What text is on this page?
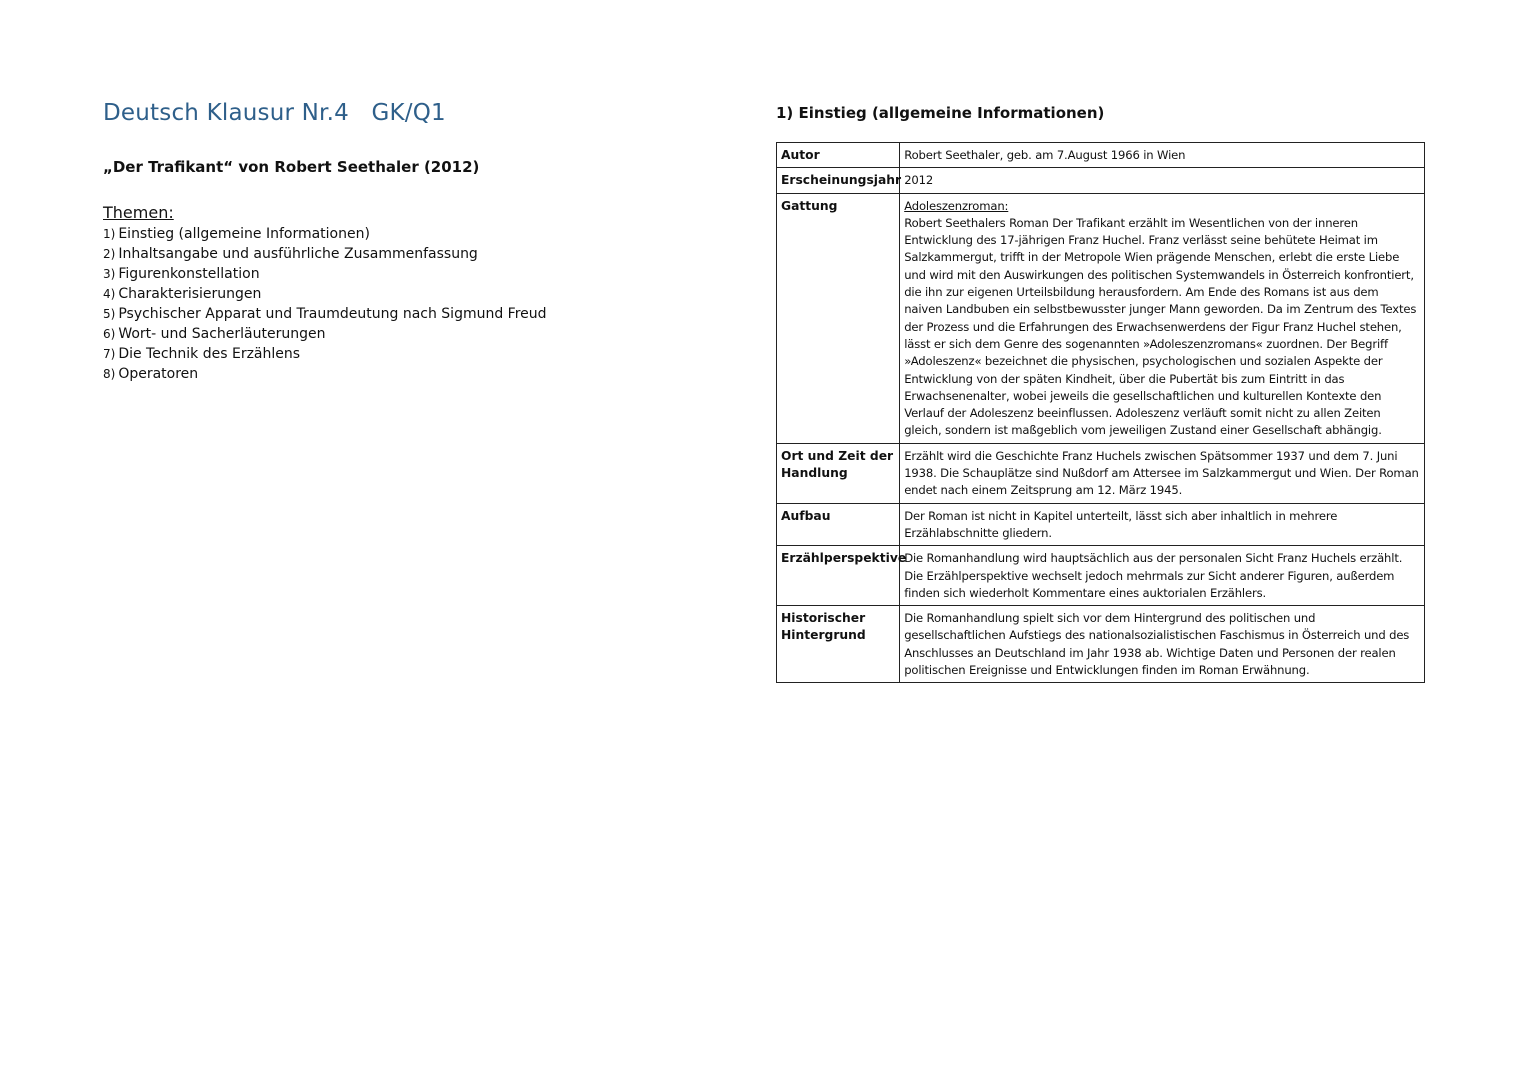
Deutsch Klausur Nr.4   GK/Q1
„Der Trafikant“ von Robert Seethaler (2012)
Themen:
1) Einstieg (allgemeine Informationen)
2) Inhaltsangabe und ausführliche Zusammenfassung
3) Figurenkonstellation
4) Charakterisierungen
5) Psychischer Apparat und Traumdeutung nach Sigmund Freud
6) Wort- und Sacherläuterungen
7) Die Technik des Erzählens
8) Operatoren
1) Einstieg (allgemeine Informationen)
Autor	Robert Seethaler, geb. am 7.August 1966 in Wien
Erscheinungsjahr	2012
Gattung	Adoleszenzroman:
Robert Seethalers Roman Der Trafikant erzählt im Wesentlichen von der inneren Entwicklung des 17-jährigen Franz Huchel. Franz verlässt seine behütete Heimat im Salzkammergut, trifft in der Metropole Wien prägende Menschen, erlebt die erste Liebe und wird mit den Auswirkungen des politischen Systemwandels in Österreich konfrontiert, die ihn zur eigenen Urteilsbildung herausfordern. Am Ende des Romans ist aus dem naiven Landbuben ein selbstbewusster junger Mann geworden. Da im Zentrum des Textes der Prozess und die Erfahrungen des Erwachsenwerdens der Figur Franz Huchel stehen, lässt er sich dem Genre des sogenannten »Adoleszenzromans« zuordnen. Der Begriff »Adoleszenz« bezeichnet die physischen, psychologischen und sozialen Aspekte der Entwicklung von der späten Kindheit, über die Pubertät bis zum Eintritt in das Erwachsenenalter, wobei jeweils die gesellschaftlichen und kulturellen Kontexte den Verlauf der Adoleszenz beeinflussen. Adoleszenz verläuft somit nicht zu allen Zeiten gleich, sondern ist maßgeblich vom jeweiligen Zustand einer Gesellschaft abhängig.
Ort und Zeit der Handlung	Erzählt wird die Geschichte Franz Huchels zwischen Spätsommer 1937 und dem 7. Juni 1938. Die Schauplätze sind Nußdorf am Attersee im Salzkammergut und Wien. Der Roman endet nach einem Zeitsprung am 12. März 1945.
Aufbau	Der Roman ist nicht in Kapitel unterteilt, lässt sich aber inhaltlich in mehrere Erzählabschnitte gliedern.
Erzählperspektive	Die Romanhandlung wird hauptsächlich aus der personalen Sicht Franz Huchels erzählt. Die Erzählperspektive wechselt jedoch mehrmals zur Sicht anderer Figuren, außerdem finden sich wiederholt Kommentare eines auktorialen Erzählers.
Historischer Hintergrund	Die Romanhandlung spielt sich vor dem Hintergrund des politischen und gesellschaftlichen Aufstiegs des nationalsozialistischen Faschismus in Österreich und des Anschlusses an Deutschland im Jahr 1938 ab. Wichtige Daten und Personen der realen politischen Ereignisse und Entwicklungen finden im Roman Erwähnung.
